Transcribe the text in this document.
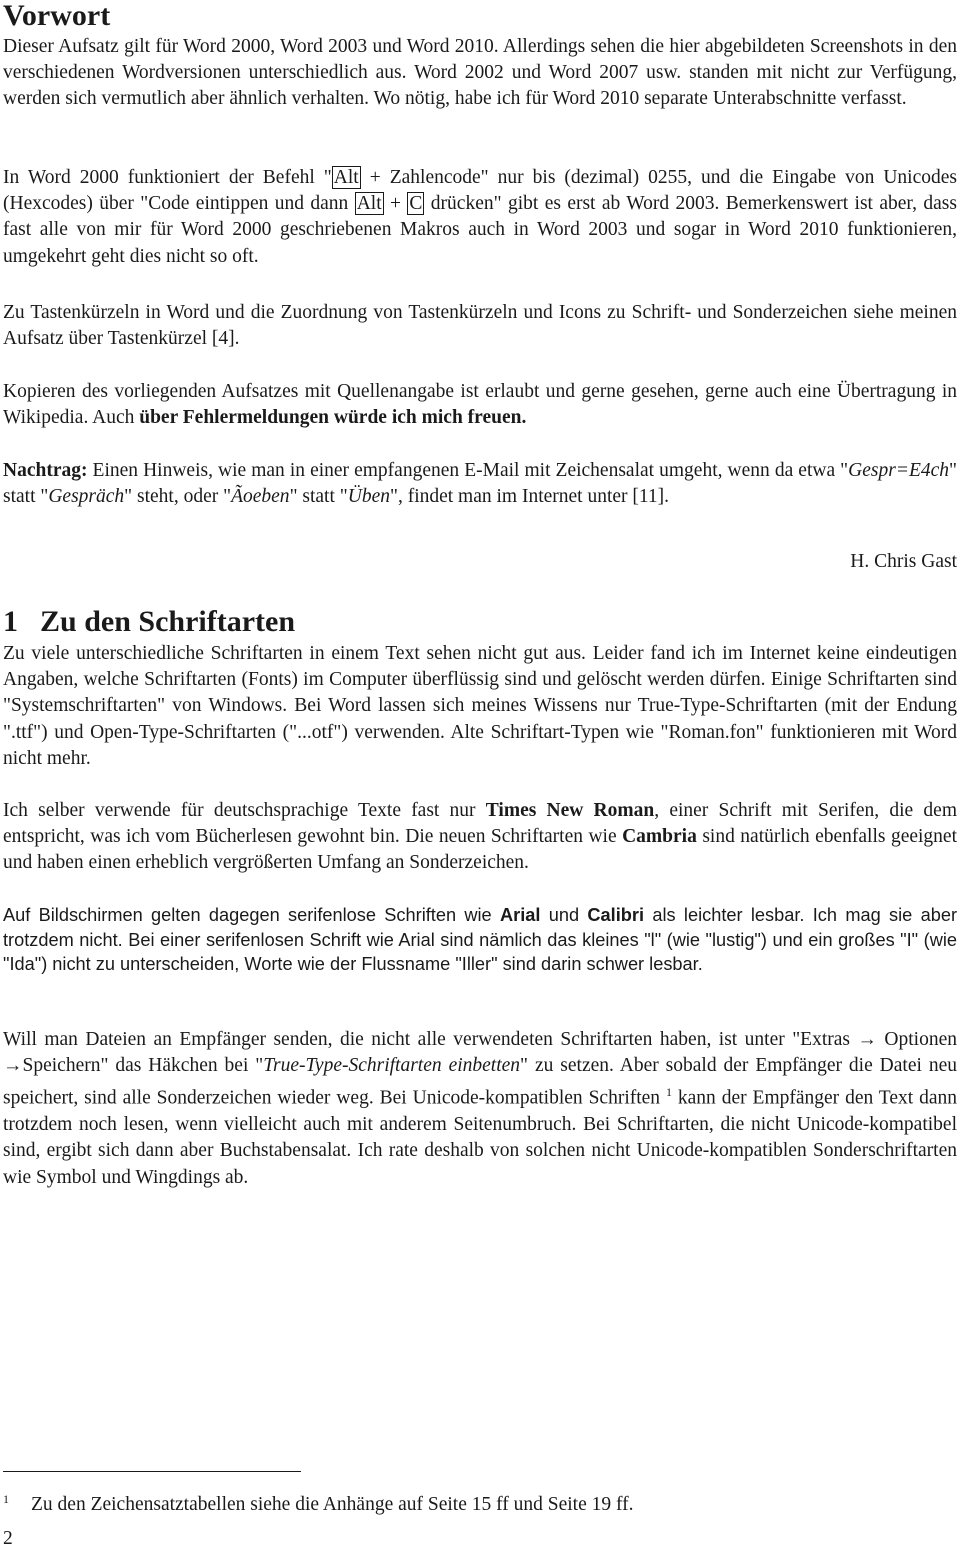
Vorwort

Dieser Aufsatz gilt für Word 2000, Word 2003 und Word 2010. Allerdings sehen die hier abgebildeten Screenshots in den verschiedenen Wordversionen unterschiedlich aus. Word 2002 und Word 2007 usw. standen mit nicht zur Verfügung, werden sich vermutlich aber ähnlich verhalten. Wo nötig, habe ich für Word 2010 separate Unterabschnitte verfasst.

In Word 2000 funktioniert der Befehl " Alt + Zahlencode" nur bis (dezimal) 0255, und die Eingabe von Unicodes (Hexcodes) über "Code eintippen und dann Alt + C drücken" gibt es erst ab Word 2003. Bemerkenswert ist aber, dass fast alle von mir für Word 2000 geschriebenen Makros auch in Word 2003 und sogar in Word 2010 funktionieren, umgekehrt geht dies nicht so oft.

Zu Tastenkürzeln in Word und die Zuordnung von Tastenkürzeln und Icons zu Schrift- und Sonderzeichen siehe meinen Aufsatz über Tastenkürzel [4].

Kopieren des vorliegenden Aufsatzes mit Quellenangabe ist erlaubt und gerne gesehen, gerne auch eine Übertragung in Wikipedia. Auch über Fehlermeldungen würde ich mich freuen.

Nachtrag: Einen Hinweis, wie man in einer empfangenen E-Mail mit Zeichensalat umgeht, wenn da etwa "Gespr=E4ch" statt "Gespräch" steht, oder "Ãoeben" statt "Üben", findet man im Internet unter [11].

H. Chris Gast
1 Zu den Schriftarten

Zu viele unterschiedliche Schriftarten in einem Text sehen nicht gut aus. Leider fand ich im Internet keine eindeutigen Angaben, welche Schriftarten (Fonts) im Computer überflüssig sind und gelöscht werden dürfen. Einige Schriftarten sind "Systemschriftarten" von Windows. Bei Word lassen sich meines Wissens nur True-Type-Schriftarten (mit der Endung ".ttf") und Open-Type-Schriftarten ("...otf") verwenden. Alte Schriftart-Typen wie "Roman.fon" funktionieren mit Word nicht mehr.

Ich selber verwende für deutschsprachige Texte fast nur Times New Roman, einer Schrift mit Serifen, die dem entspricht, was ich vom Bücherlesen gewohnt bin. Die neuen Schriftarten wie Cambria sind natürlich ebenfalls geeignet und haben einen erheblich vergrößerten Umfang an Sonderzeichen.

Auf Bildschirmen gelten dagegen serifenlose Schriften wie Arial und Calibri als leichter lesbar. Ich mag sie aber trotzdem nicht. Bei einer serifenlosen Schrift wie Arial sind nämlich das kleines "l" (wie "lustig") und ein großes "I" (wie "Ida") nicht zu unterscheiden, Worte wie der Flussname "Iller" sind darin schwer lesbar.

Will man Dateien an Empfänger senden, die nicht alle verwendeten Schriftarten haben, ist unter "Extras → Optionen →Speichern" das Häkchen bei "True-Type-Schriftarten einbetten" zu setzen. Aber sobald der Empfänger die Datei neu speichert, sind alle Sonderzeichen wieder weg. Bei Unicode-kompatiblen Schriften $^1$ kann der Empfänger den Text dann trotzdem noch lesen, wenn vielleicht auch mit anderem Seitenumbruch. Bei Schriftarten, die nicht Unicode-kompatibel sind, ergibt sich dann aber Buchstabensalat. Ich rate deshalb von solchen nicht Unicode-kompatiblen Sonderschriftarten wie Symbol und Wingdings ab.

1 Zu den Zeichensatztabellen siehe die Anhänge auf Seite 15 ff und Seite 19 ff.
2
